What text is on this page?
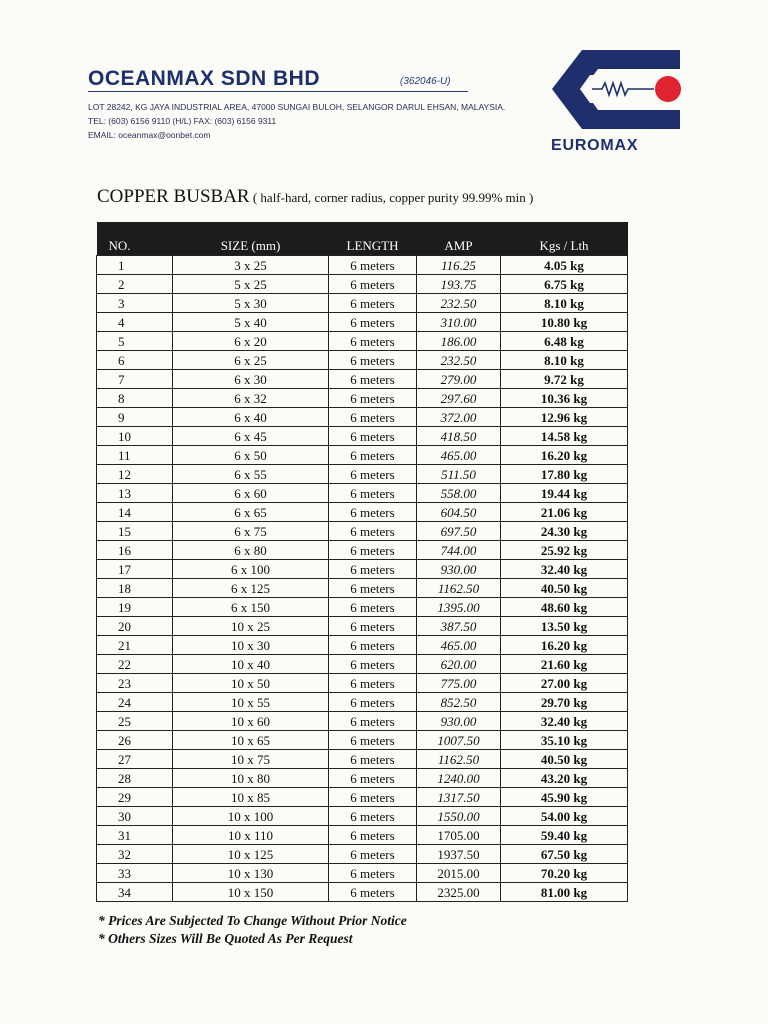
OCEANMAX SDN BHD	(362046-U)
LOT 28242, KG JAYA INDUSTRIAL AREA, 47000 SUNGAI BULOH, SELANGOR DARUL EHSAN, MALAYSIA.
TEL: (603) 6156 9110 (H/L) FAX: (603) 6156 9311
EMAIL: oceanmax@oonbet.com
EUROMAX
COPPER BUSBAR ( half-hard, corner radius, copper purity 99.99% min )
NO.	SIZE (mm)	LENGTH	AMP	Kgs / Lth
1	3 x 25	6 meters	116.25	4.05 kg
2	5 x 25	6 meters	193.75	6.75 kg
3	5 x 30	6 meters	232.50	8.10 kg
4	5 x 40	6 meters	310.00	10.80 kg
5	6 x 20	6 meters	186.00	6.48 kg
6	6 x 25	6 meters	232.50	8.10 kg
7	6 x 30	6 meters	279.00	9.72 kg
8	6 x 32	6 meters	297.60	10.36 kg
9	6 x 40	6 meters	372.00	12.96 kg
10	6 x 45	6 meters	418.50	14.58 kg
11	6 x 50	6 meters	465.00	16.20 kg
12	6 x 55	6 meters	511.50	17.80 kg
13	6 x 60	6 meters	558.00	19.44 kg
14	6 x 65	6 meters	604.50	21.06 kg
15	6 x 75	6 meters	697.50	24.30 kg
16	6 x 80	6 meters	744.00	25.92 kg
17	6 x 100	6 meters	930.00	32.40 kg
18	6 x 125	6 meters	1162.50	40.50 kg
19	6 x 150	6 meters	1395.00	48.60 kg
20	10 x 25	6 meters	387.50	13.50 kg
21	10 x 30	6 meters	465.00	16.20 kg
22	10 x 40	6 meters	620.00	21.60 kg
23	10 x 50	6 meters	775.00	27.00 kg
24	10 x 55	6 meters	852.50	29.70 kg
25	10 x 60	6 meters	930.00	32.40 kg
26	10 x 65	6 meters	1007.50	35.10 kg
27	10 x 75	6 meters	1162.50	40.50 kg
28	10 x 80	6 meters	1240.00	43.20 kg
29	10 x 85	6 meters	1317.50	45.90 kg
30	10 x 100	6 meters	1550.00	54.00 kg
31	10 x 110	6 meters	1705.00	59.40 kg
32	10 x 125	6 meters	1937.50	67.50 kg
33	10 x 130	6 meters	2015.00	70.20 kg
34	10 x 150	6 meters	2325.00	81.00 kg
* Prices Are Subjected To Change Without Prior Notice
* Others Sizes Will Be Quoted As Per Request
